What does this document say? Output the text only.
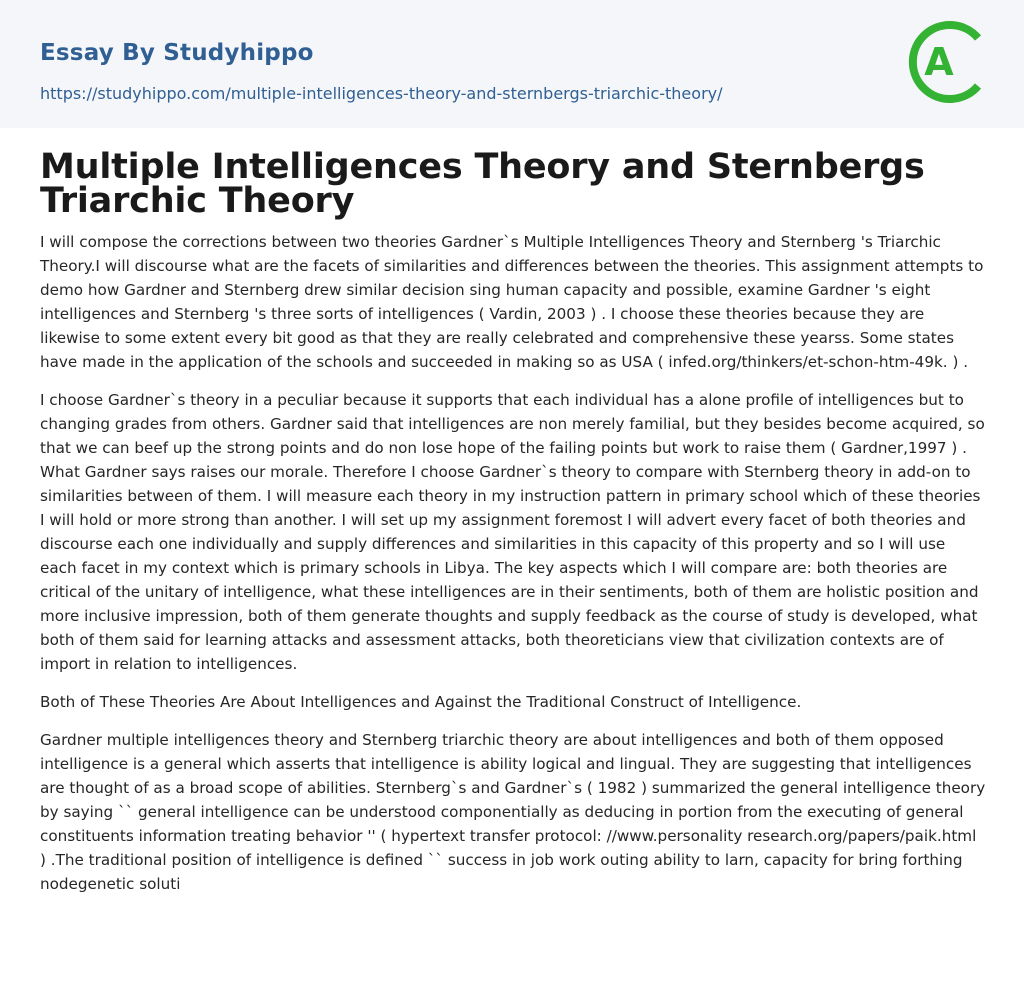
Essay By Studyhippo
https://studyhippo.com/multiple-intelligences-theory-and-sternbergs-triarchic-theory/
A
Multiple Intelligences Theory and Sternbergs Triarchic Theory

I will compose the corrections between two theories Gardner`s Multiple Intelligences Theory and Sternberg 's Triarchic Theory.I will discourse what are the facets of similarities and differences between the theories. This assignment attempts to demo how Gardner and Sternberg drew similar decision sing human capacity and possible, examine Gardner 's eight intelligences and Sternberg 's three sorts of intelligences ( Vardin, 2003 ) . I choose these theories because they are likewise to some extent every bit good as that they are really celebrated and comprehensive these yearss. Some states have made in the application of the schools and succeeded in making so as USA ( infed.org/thinkers/et-schon-htm-49k. ) .

I choose Gardner`s theory in a peculiar because it supports that each individual has a alone profile of intelligences but to changing grades from others. Gardner said that intelligences are non merely familial, but they besides become acquired, so that we can beef up the strong points and do non lose hope of the failing points but work to raise them ( Gardner,1997 ) . What Gardner says raises our morale. Therefore I choose Gardner`s theory to compare with Sternberg theory in add-on to similarities between of them. I will measure each theory in my instruction pattern in primary school which of these theories I will hold or more strong than another. I will set up my assignment foremost I will advert every facet of both theories and discourse each one individually and supply differences and similarities in this capacity of this property and so I will use each facet in my context which is primary schools in Libya. The key aspects which I will compare are: both theories are critical of the unitary of intelligence, what these intelligences are in their sentiments, both of them are holistic position and more inclusive impression, both of them generate thoughts and supply feedback as the course of study is developed, what both of them said for learning attacks and assessment attacks, both theoreticians view that civilization contexts are of import in relation to intelligences.

Both of These Theories Are About Intelligences and Against the Traditional Construct of Intelligence.

Gardner multiple intelligences theory and Sternberg triarchic theory are about intelligences and both of them opposed intelligence is a general which asserts that intelligence is ability logical and lingual. They are suggesting that intelligences are thought of as a broad scope of abilities. Sternberg`s and Gardner`s ( 1982 ) summarized the general intelligence theory by saying `` general intelligence can be understood componentially as deducing in portion from the executing of general constituents information treating behavior '' ( hypertext transfer protocol: //www.personality research.org/papers/paik.html ) .The traditional position of intelligence is defined `` success in job work outing ability to larn, capacity for bring forthing nodegenetic soluti
